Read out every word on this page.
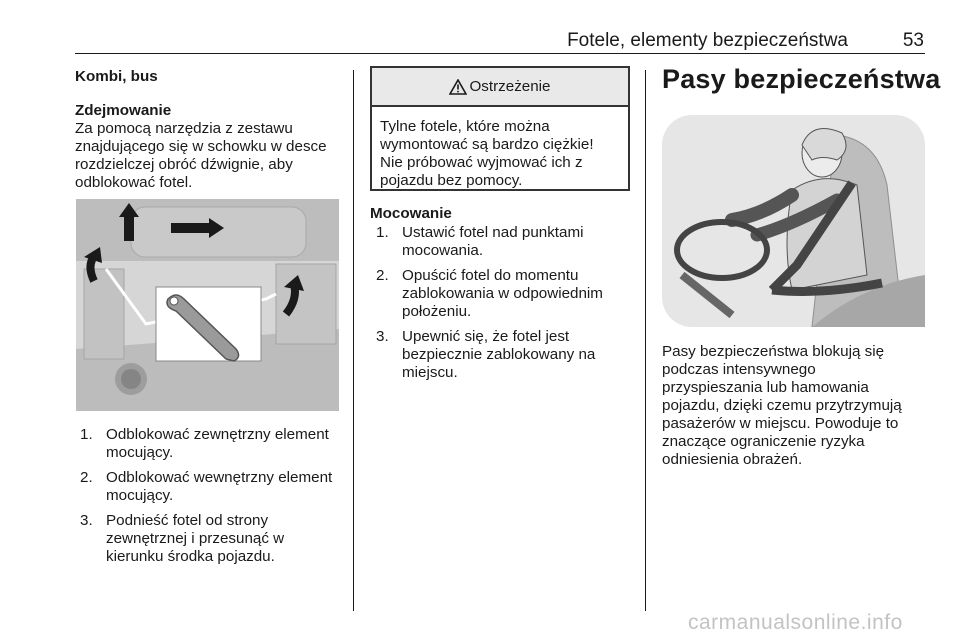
Fotele, elementy bezpieczeństwa	53

Kombi, bus

Zdejmowanie

Za pomocą narzędzia z zestawu
znajdującego się w schowku w desce
rozdzielczej obróć dźwignie, aby
odblokować fotel.

1. Odblokować zewnętrzny element
mocujący.
2. Odblokować wewnętrzny element
mocujący.
3. Podnieść fotel od strony
zewnętrznej i przesunąć w
kierunku środka pojazdu.
Ostrzeżenie
Tylne fotele, które można
wymontować są bardzo ciężkie!
Nie próbować wyjmować ich z
pojazdu bez pomocy.

Mocowanie

1. Ustawić fotel nad punktami
mocowania.
2. Opuścić fotel do momentu
zablokowania w odpowiednim
położeniu.
3. Upewnić się, że fotel jest
bezpiecznie zablokowany na
miejscu.
Pasy bezpieczeństwa
Pasy bezpieczeństwa blokują się
podczas intensywnego
przyspieszania lub hamowania
pojazdu, dzięki czemu przytrzymują
pasażerów w miejscu. Powoduje to
znaczące ograniczenie ryzyka
odniesienia obrażeń.
carmanualsonline.info
